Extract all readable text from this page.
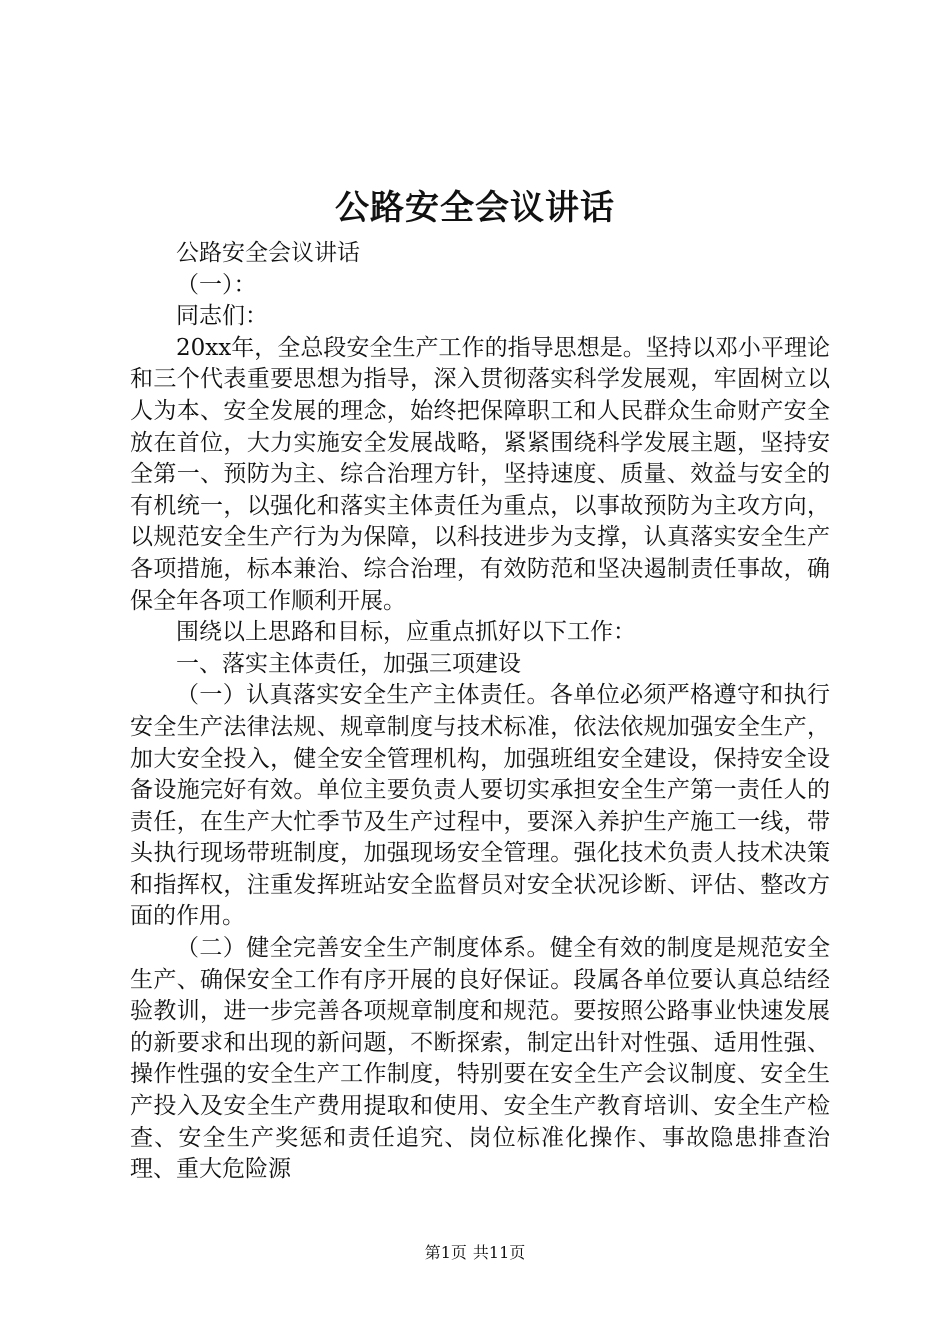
公路安全会议讲话

公路安全会议讲话

（一）：

同志们：

20xx年，全总段安全生产工作的指导思想是。坚持以邓小平理论和三个代表重要思想为指导，深入贯彻落实科学发展观，牢固树立以人为本、安全发展的理念，始终把保障职工和人民群众生命财产安全放在首位，大力实施安全发展战略，紧紧围绕科学发展主题，坚持安全第一、预防为主、综合治理方针，坚持速度、质量、效益与安全的有机统一，以强化和落实主体责任为重点，以事故预防为主攻方向，以规范安全生产行为为保障，以科技进步为支撑，认真落实安全生产各项措施，标本兼治、综合治理，有效防范和坚决遏制责任事故，确保全年各项工作顺利开展。

围绕以上思路和目标，应重点抓好以下工作：

一、落实主体责任，加强三项建设

（一）认真落实安全生产主体责任。各单位必须严格遵守和执行安全生产法律法规、规章制度与技术标准，依法依规加强安全生产，加大安全投入，健全安全管理机构，加强班组安全建设，保持安全设备设施完好有效。单位主要负责人要切实承担安全生产第一责任人的责任，在生产大忙季节及生产过程中，要深入养护生产施工一线，带头执行现场带班制度，加强现场安全管理。强化技术负责人技术决策和指挥权，注重发挥班站安全监督员对安全状况诊断、评估、整改方面的作用。

（二）健全完善安全生产制度体系。健全有效的制度是规范安全生产、确保安全工作有序开展的良好保证。段属各单位要认真总结经验教训，进一步完善各项规章制度和规范。要按照公路事业快速发展的新要求和出现的新问题，不断探索，制定出针对性强、适用性强、操作性强的安全生产工作制度，特别要在安全生产会议制度、安全生产投入及安全生产费用提取和使用、安全生产教育培训、安全生产检查、安全生产奖惩和责任追究、岗位标准化操作、事故隐患排查治理、重大危险源

第1页 共11页
